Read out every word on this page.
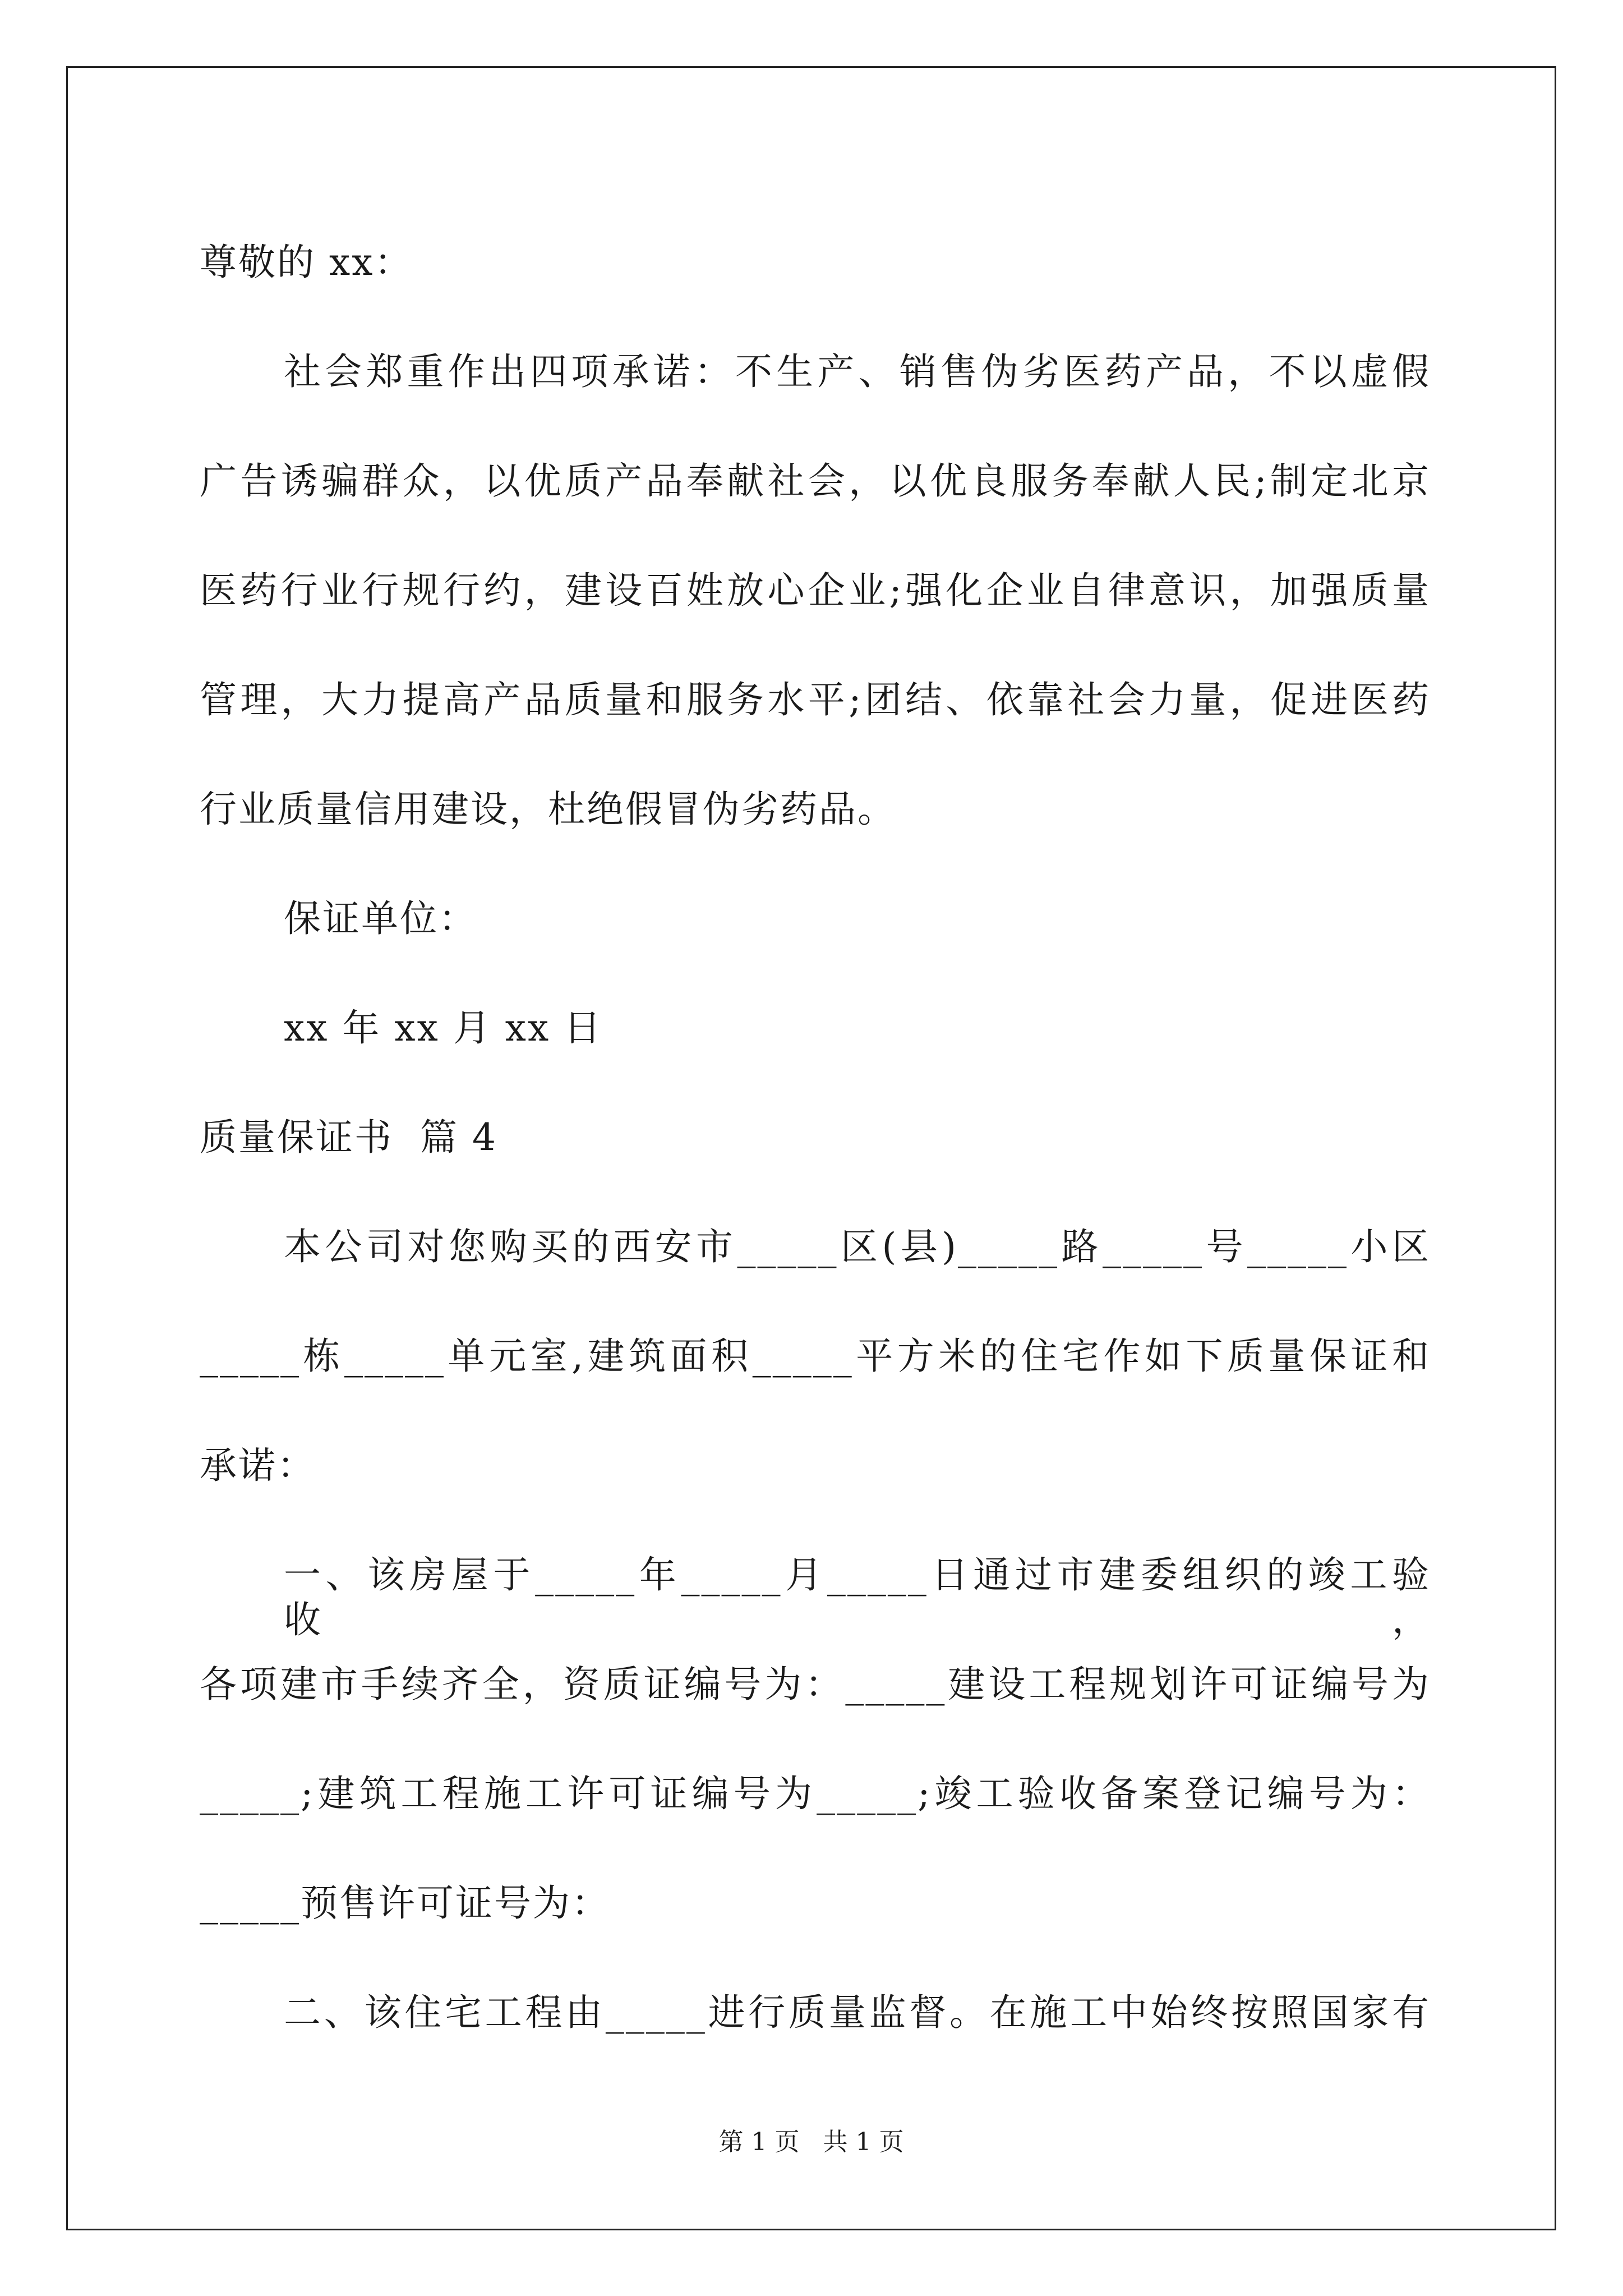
尊敬的 xx：
社会郑重作出四项承诺：不生产、销售伪劣医药产品，不以虚假
广告诱骗群众，以优质产品奉献社会，以优良服务奉献人民;制定北京
医药行业行规行约，建设百姓放心企业;强化企业自律意识，加强质量
管理，大力提高产品质量和服务水平;团结、依靠社会力量，促进医药
行业质量信用建设，杜绝假冒伪劣药品。
保证单位：
xx 年 xx 月 xx 日
质量保证书  篇 4
本公司对您购买的西安市_____区(县)_____路_____号_____小区
_____栋_____单元室,建筑面积_____平方米的住宅作如下质量保证和
承诺：
一、该房屋于_____年_____月_____日通过市建委组织的竣工验收，
各项建市手续齐全，资质证编号为：_____建设工程规划许可证编号为
_____;建筑工程施工许可证编号为_____;竣工验收备案登记编号为：
_____预售许可证号为：
二、该住宅工程由_____进行质量监督。在施工中始终按照国家有
第 1 页   共 1 页
